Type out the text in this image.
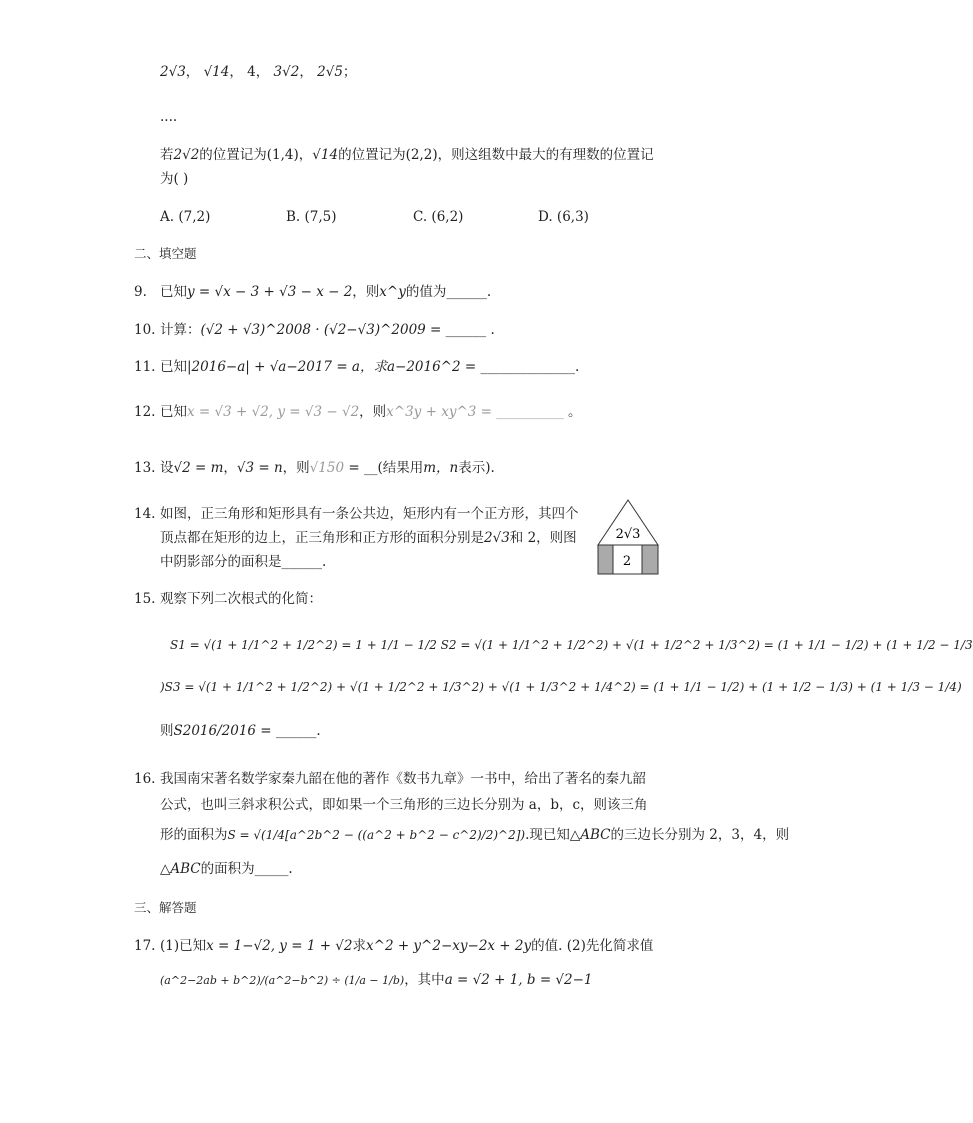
2√3， √14， 4， 3√2， 2√5；
....
若2√2的位置记为(1,4)，√14的位置记为(2,2)，则这组数中最大的有理数的位置记
为( )
A. (7,2)	B. (7,5)	C. (6,2)	D. (6,3)
二、填空题
9. 已知y = √x − 3 + √3 − x − 2，则x^y的值为______.
10. 计算：(√2 + √3)^2008 · (√2−√3)^2009 = ______ .
11. 已知|2016−a| + √a−2017 = a，求a−2016^2 = ______________.
12. 已知x = √3 + √2, y = √3 − √2，则x^3y + xy^3 = __________ 。
13. 设√2 = m，√3 = n，则√150 = __(结果用m，n表示).
14. 如图，正三角形和矩形具有一条公共边，矩形内有一个正方形，其四个
顶点都在矩形的边上，正三角形和正方形的面积分别是2√3和 2，则图
中阴影部分的面积是______.
2√3
2
15. 观察下列二次根式的化简：
S1 = √(1 + 1/1^2 + 1/2^2) = 1 + 1/1 − 1/2 S2 = √(1 + 1/1^2 + 1/2^2) + √(1 + 1/2^2 + 1/3^2) = (1 + 1/1 − 1/2) + (1 + 1/2 − 1/3
)S3 = √(1 + 1/1^2 + 1/2^2) + √(1 + 1/2^2 + 1/3^2) + √(1 + 1/3^2 + 1/4^2) = (1 + 1/1 − 1/2) + (1 + 1/2 − 1/3) + (1 + 1/3 − 1/4)
则S2016/2016 = ______.
16. 我国南宋著名数学家秦九韶在他的著作《数书九章》一书中，给出了著名的秦九韶
公式，也叫三斜求积公式，即如果一个三角形的三边长分别为 a，b，c，则该三角
形的面积为S = √(1/4[a^2b^2 − ((a^2 + b^2 − c^2)/2)^2]).现已知△ABC的三边长分别为 2，3，4，则
△ABC的面积为_____.
三、解答题
17. (1)已知x = 1−√2, y = 1 + √2求x^2 + y^2−xy−2x + 2y的值. (2)先化简求值
(a^2−2ab + b^2)/(a^2−b^2) ÷ (1/a − 1/b)，其中a = √2 + 1, b = √2−1
